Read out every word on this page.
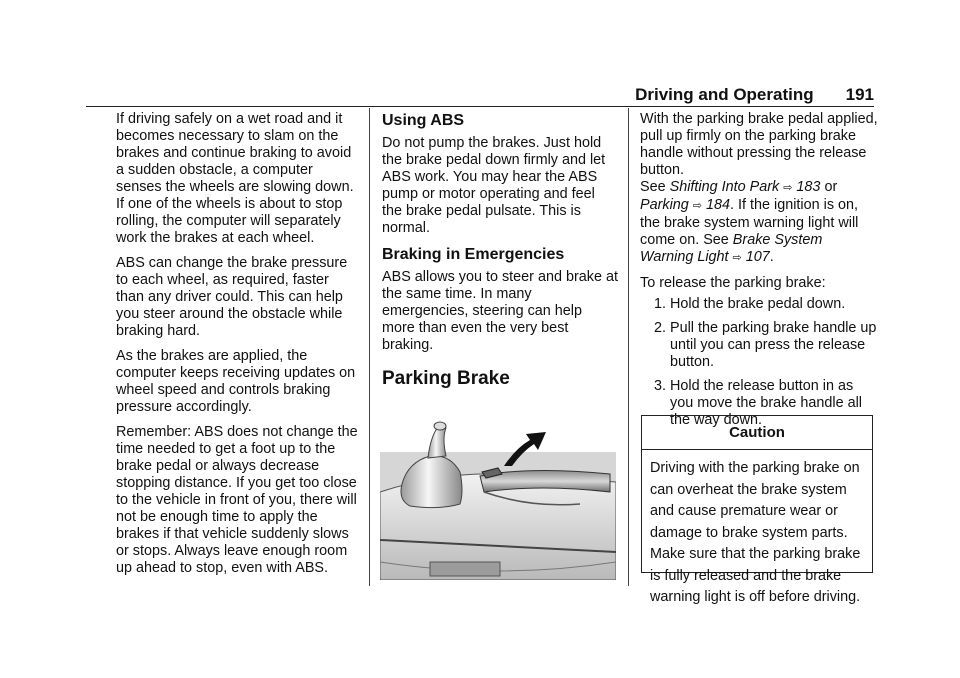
Driving and Operating 191

If driving safely on a wet road and it becomes necessary to slam on the brakes and continue braking to avoid a sudden obstacle, a computer senses the wheels are slowing down. If one of the wheels is about to stop rolling, the computer will separately work the brakes at each wheel.

ABS can change the brake pressure to each wheel, as required, faster than any driver could. This can help you steer around the obstacle while braking hard.

As the brakes are applied, the computer keeps receiving updates on wheel speed and controls braking pressure accordingly.

Remember: ABS does not change the time needed to get a foot up to the brake pedal or always decrease stopping distance. If you get too close to the vehicle in front of you, there will not be enough time to apply the brakes if that vehicle suddenly slows or stops. Always leave enough room up ahead to stop, even with ABS.

Using ABS

Do not pump the brakes. Just hold the brake pedal down firmly and let ABS work. You may hear the ABS pump or motor operating and feel the brake pedal pulsate. This is normal.

Braking in Emergencies

ABS allows you to steer and brake at the same time. In many emergencies, steering can help more than even the very best braking.

Parking Brake

With the parking brake pedal applied, pull up firmly on the parking brake handle without pressing the release button.

See Shifting Into Park ⇨ 183 or Parking ⇨ 184. If the ignition is on, the brake system warning light will come on. See Brake System Warning Light ⇨ 107.

To release the parking brake:

1. Hold the brake pedal down.
2. Pull the parking brake handle up until you can press the release button.
3. Hold the release button in as you move the brake handle all the way down.
Caution
Driving with the parking brake on can overheat the brake system and cause premature wear or damage to brake system parts. Make sure that the parking brake is fully released and the brake warning light is off before driving.
